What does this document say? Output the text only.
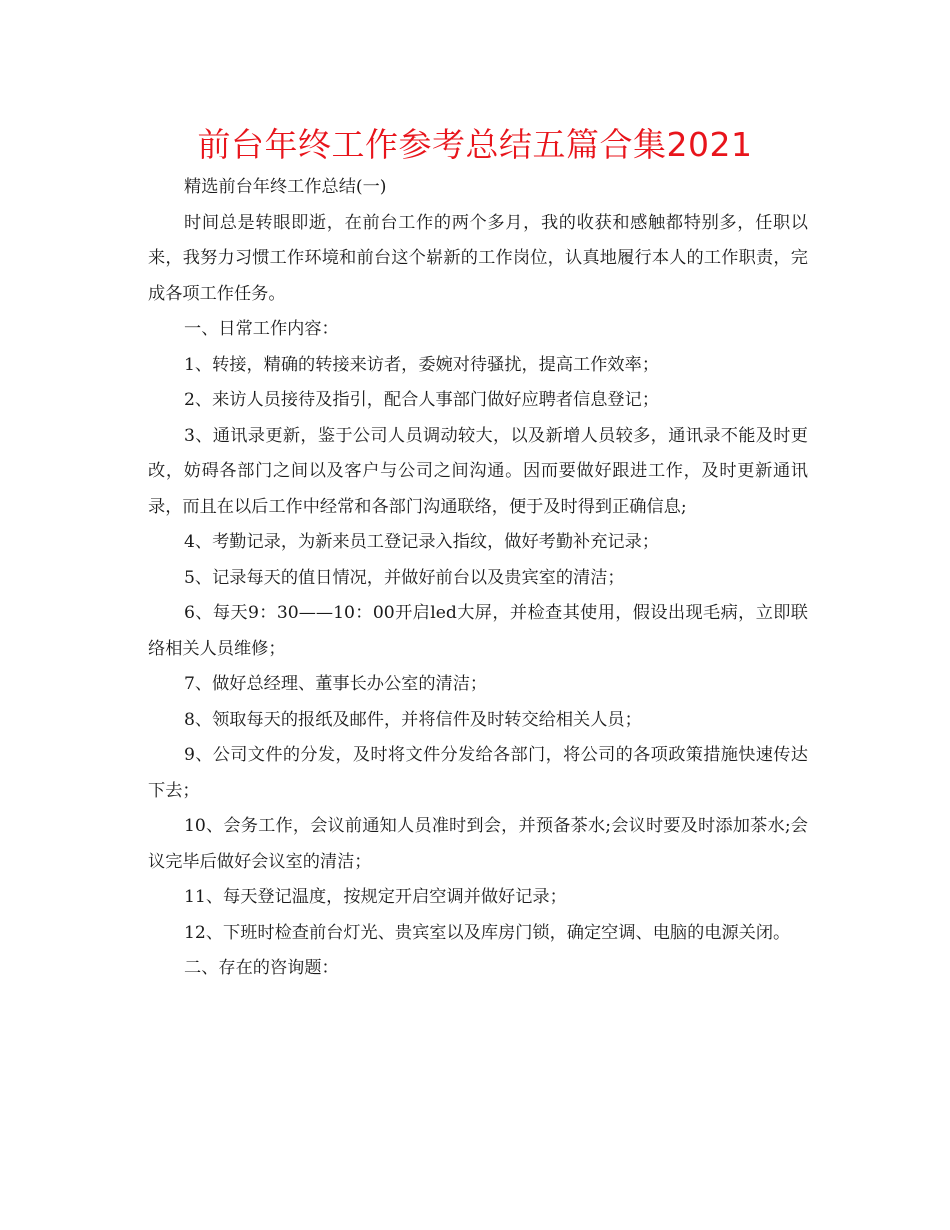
前台年终工作参考总结五篇合集2021

精选前台年终工作总结(一)

时间总是转眼即逝，在前台工作的两个多月，我的收获和感触都特别多，任职以来，我努力习惯工作环境和前台这个崭新的工作岗位，认真地履行本人的工作职责，完成各项工作任务。

一、日常工作内容：

1、转接，精确的转接来访者，委婉对待骚扰，提高工作效率；

2、来访人员接待及指引，配合人事部门做好应聘者信息登记；

3、通讯录更新，鉴于公司人员调动较大，以及新增人员较多，通讯录不能及时更改，妨碍各部门之间以及客户与公司之间沟通。因而要做好跟进工作，及时更新通讯录，而且在以后工作中经常和各部门沟通联络，便于及时得到正确信息;

4、考勤记录，为新来员工登记录入指纹，做好考勤补充记录；

5、记录每天的值日情况，并做好前台以及贵宾室的清洁；

6、每天9：30——10：00开启led大屏，并检查其使用，假设出现毛病，立即联络相关人员维修；

7、做好总经理、董事长办公室的清洁；

8、领取每天的报纸及邮件，并将信件及时转交给相关人员；

9、公司文件的分发，及时将文件分发给各部门，将公司的各项政策措施快速传达下去；

10、会务工作，会议前通知人员准时到会，并预备茶水;会议时要及时添加茶水;会议完毕后做好会议室的清洁；

11、每天登记温度，按规定开启空调并做好记录；

12、下班时检查前台灯光、贵宾室以及库房门锁，确定空调、电脑的电源关闭。

二、存在的咨询题：
